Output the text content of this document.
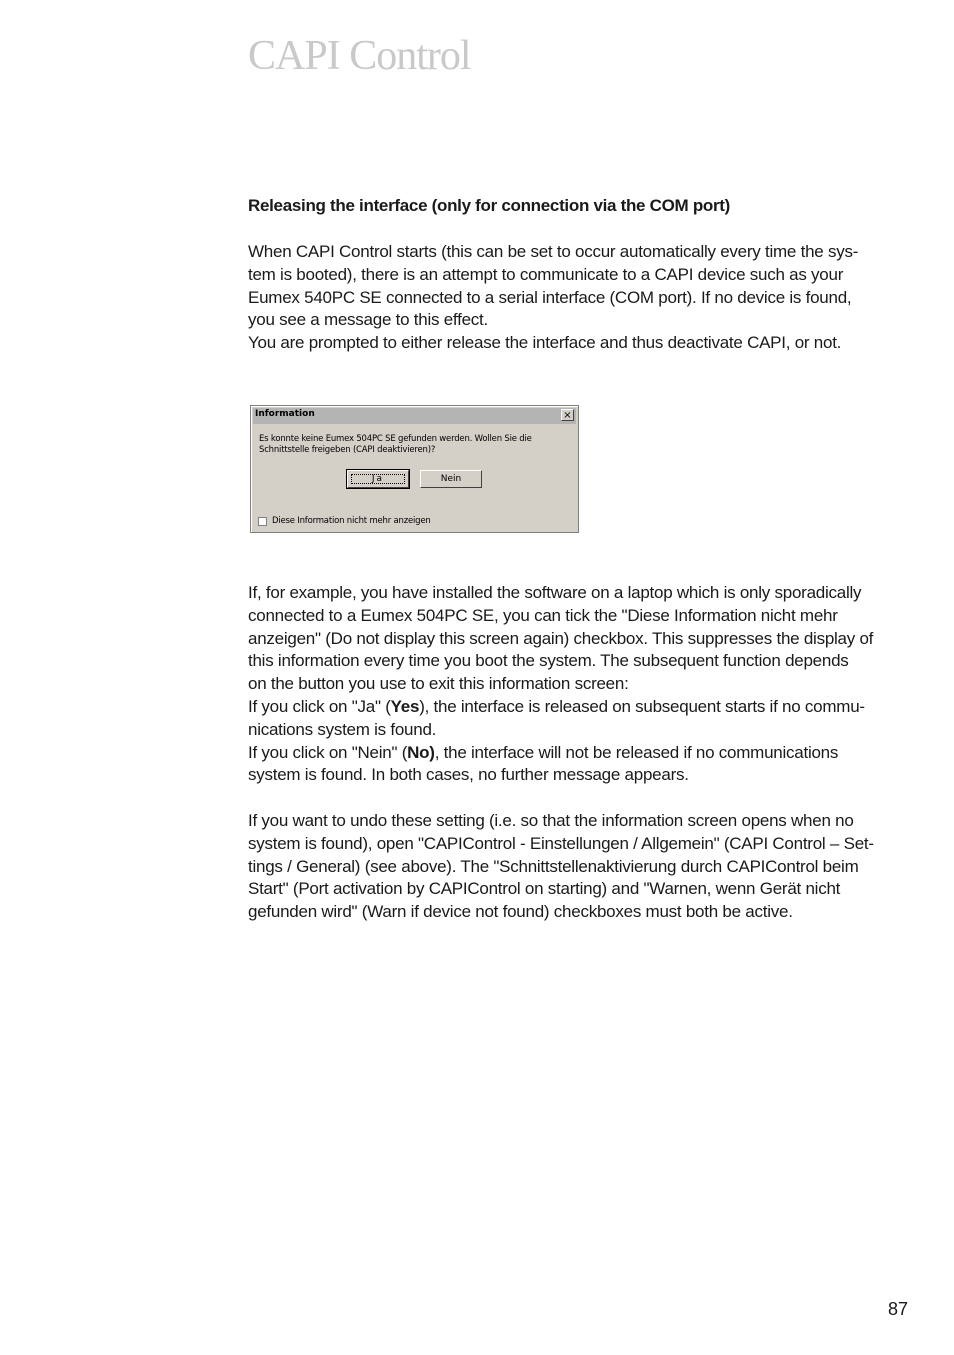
CAPI Control
Releasing the interface (only for connection via the COM port)
When CAPI Control starts (this can be set to occur automatically every time the sys-
tem is booted), there is an attempt to communicate to a CAPI device such as your
Eumex 540PC SE connected to a serial interface (COM port). If no device is found,
you see a message to this effect.
You are prompted to either release the interface and thus deactivate CAPI, or not.
Information	×
Es konnte keine Eumex 504PC SE gefunden werden. Wollen Sie die
Schnittstelle freigeben (CAPI deaktivieren)?
Ja	Nein
Diese Information nicht mehr anzeigen
If, for example, you have installed the software on a laptop which is only sporadically
connected to a Eumex 504PC SE, you can tick the "Diese Information nicht mehr
anzeigen" (Do not display this screen again) checkbox. This suppresses the display of
this information every time you boot the system. The subsequent function depends
on the button you use to exit this information screen:
If you click on "Ja" (Yes), the interface is released on subsequent starts if no commu-
nications system is found.
If you click on "Nein" (No), the interface will not be released if no communications
system is found. In both cases, no further message appears.
If you want to undo these setting (i.e. so that the information screen opens when no
system is found), open "CAPIControl - Einstellungen / Allgemein" (CAPI Control – Set-
tings / General) (see above). The "Schnittstellenaktivierung durch CAPIControl beim
Start" (Port activation by CAPIControl on starting) and "Warnen, wenn Gerät nicht
gefunden wird" (Warn if device not found) checkboxes must both be active.
87
